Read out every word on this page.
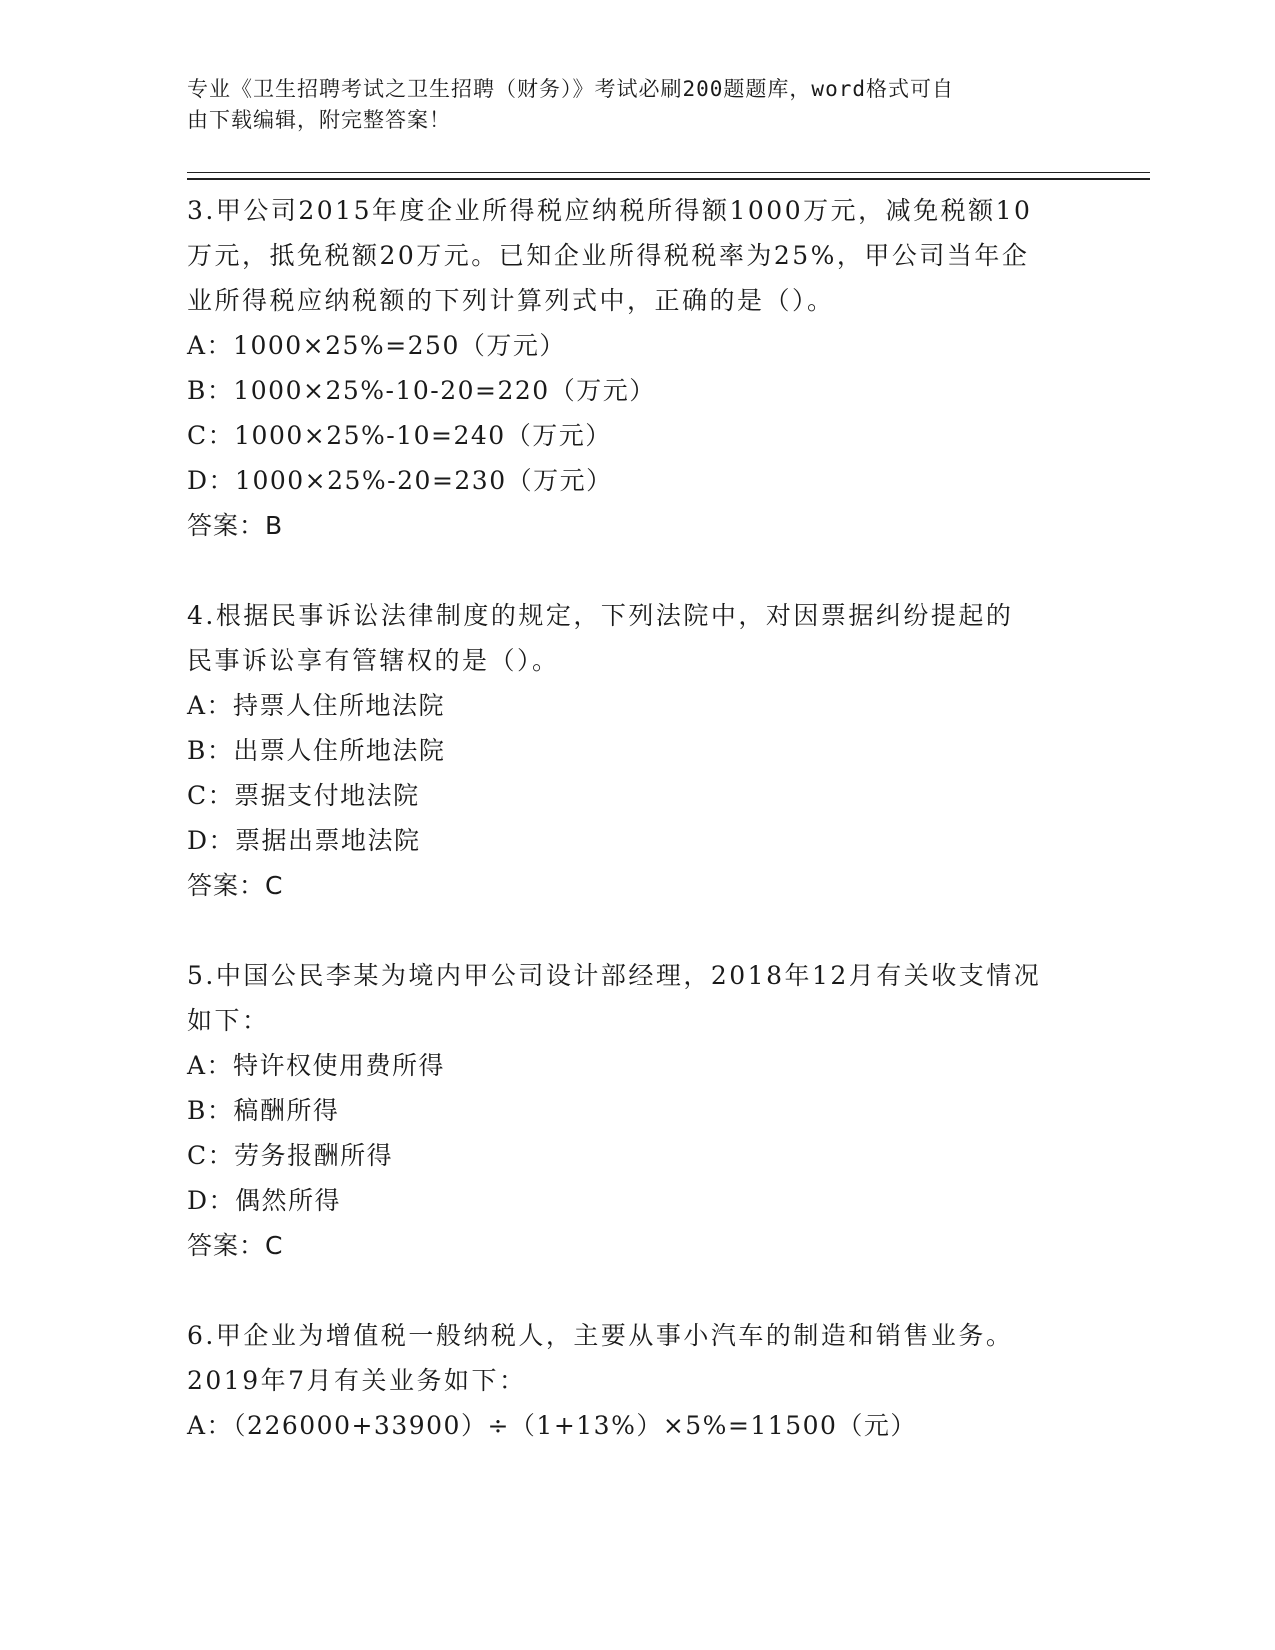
专业《卫生招聘考试之卫生招聘（财务）》考试必刷200题题库，word格式可自

由下载编辑，附完整答案！

3.甲公司2015年度企业所得税应纳税所得额1000万元，减免税额10

万元，抵免税额20万元。已知企业所得税税率为25%，甲公司当年企

业所得税应纳税额的下列计算列式中，正确的是（）。

A：1000×25%=250（万元）

B：1000×25%-10-20=220（万元）

C：1000×25%-10=240（万元）

D：1000×25%-20=230（万元）

答案：B

4.根据民事诉讼法律制度的规定，下列法院中，对因票据纠纷提起的

民事诉讼享有管辖权的是（）。

A：持票人住所地法院

B：出票人住所地法院

C：票据支付地法院

D：票据出票地法院

答案：C

5.中国公民李某为境内甲公司设计部经理，2018年12月有关收支情况

如下：

A：特许权使用费所得

B：稿酬所得

C：劳务报酬所得

D：偶然所得

答案：C

6.甲企业为增值税一般纳税人，主要从事小汽车的制造和销售业务。

2019年7月有关业务如下：

A：（226000+33900）÷（1+13%）×5%=11500（元）
